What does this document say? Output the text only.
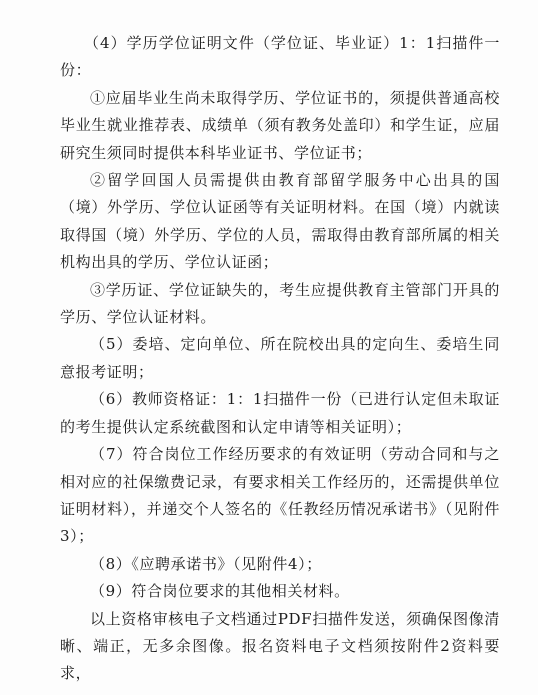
（4）学历学位证明文件（学位证、毕业证）1：1扫描件一份：

①应届毕业生尚未取得学历、学位证书的，须提供普通高校毕业生就业推荐表、成绩单（须有教务处盖印）和学生证，应届研究生须同时提供本科毕业证书、学位证书；

②留学回国人员需提供由教育部留学服务中心出具的国（境）外学历、学位认证函等有关证明材料。在国（境）内就读取得国（境）外学历、学位的人员，需取得由教育部所属的相关机构出具的学历、学位认证函；

③学历证、学位证缺失的，考生应提供教育主管部门开具的学历、学位认证材料。

（5）委培、定向单位、所在院校出具的定向生、委培生同意报考证明；

（6）教师资格证：1：1扫描件一份（已进行认定但未取证的考生提供认定系统截图和认定申请等相关证明）；

（7）符合岗位工作经历要求的有效证明（劳动合同和与之相对应的社保缴费记录，有要求相关工作经历的，还需提供单位证明材料），并递交个人签名的《任教经历情况承诺书》（见附件3）；

（8）《应聘承诺书》（见附件4）；

（9）符合岗位要求的其他相关材料。

以上资格审核电子文档通过PDF扫描件发送，须确保图像清晰、端正，无多余图像。报名资料电子文档须按附件2资料要求，
